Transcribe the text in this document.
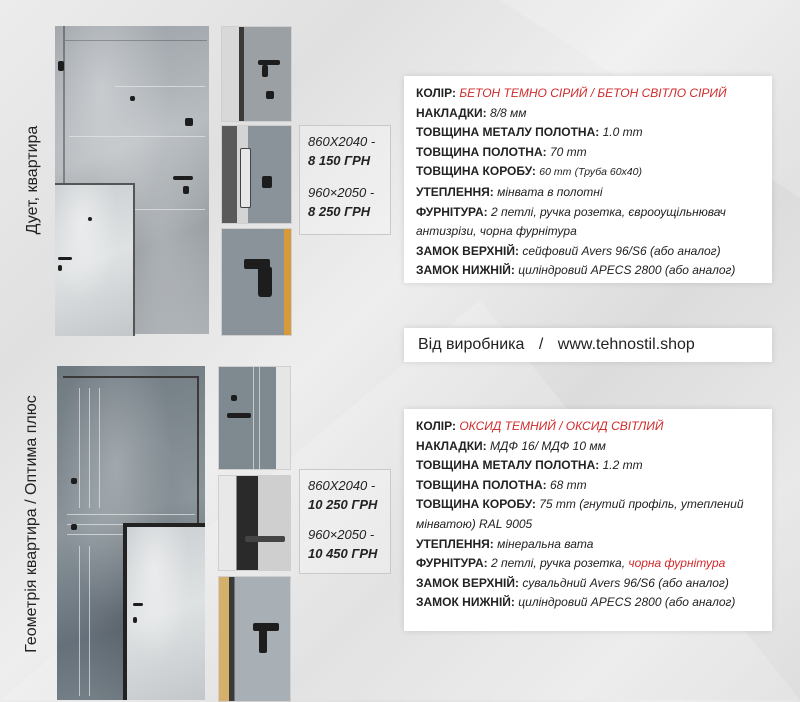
Дует, квартира	860Х2040 -
8 150 ГРН
960×2050 -
8 250 ГРН
КОЛІР: БЕТОН ТЕМНО СІРИЙ / БЕТОН СВІТЛО СІРИЙ
НАКЛАДКИ: 8/8 мм
ТОВЩИНА МЕТАЛУ ПОЛОТНА: 1.0 mm
ТОВЩИНА ПОЛОТНА: 70 mm
ТОВЩИНА КОРОБУ: 60 mm (Труба 60х40)
УТЕПЛЕННЯ: мінвата в полотні
ФУРНІТУРА: 2 петлі, ручка розетка, єврооущільнювач
антизрізи, чорна фурнітура
ЗАМОК ВЕРХНІЙ: сейфовий Avers 96/S6 (або аналог)
ЗАМОК НИЖНІЙ: циліндровий APECS 2800 (або аналог)
Від виробника / www.tehnostil.shop
Геометрія квартира / Оптима плюс	860Х2040 -
10 250 ГРН
960×2050 -
10 450 ГРН
КОЛІР: ОКСИД ТЕМНИЙ / ОКСИД СВІТЛИЙ
НАКЛАДКИ: МДФ 16/ МДФ 10 мм
ТОВЩИНА МЕТАЛУ ПОЛОТНА: 1.2 mm
ТОВЩИНА ПОЛОТНА: 68 mm
ТОВЩИНА КОРОБУ: 75 mm (гнутий профіль, утеплений
мінватою) RAL 9005
УТЕПЛЕННЯ: мінеральна вата
ФУРНІТУРА: 2 петлі, ручка розетка, чорна фурнітура
ЗАМОК ВЕРХНІЙ: сувальдний Avers 96/S6 (або аналог)
ЗАМОК НИЖНІЙ: циліндровий APECS 2800 (або аналог)
